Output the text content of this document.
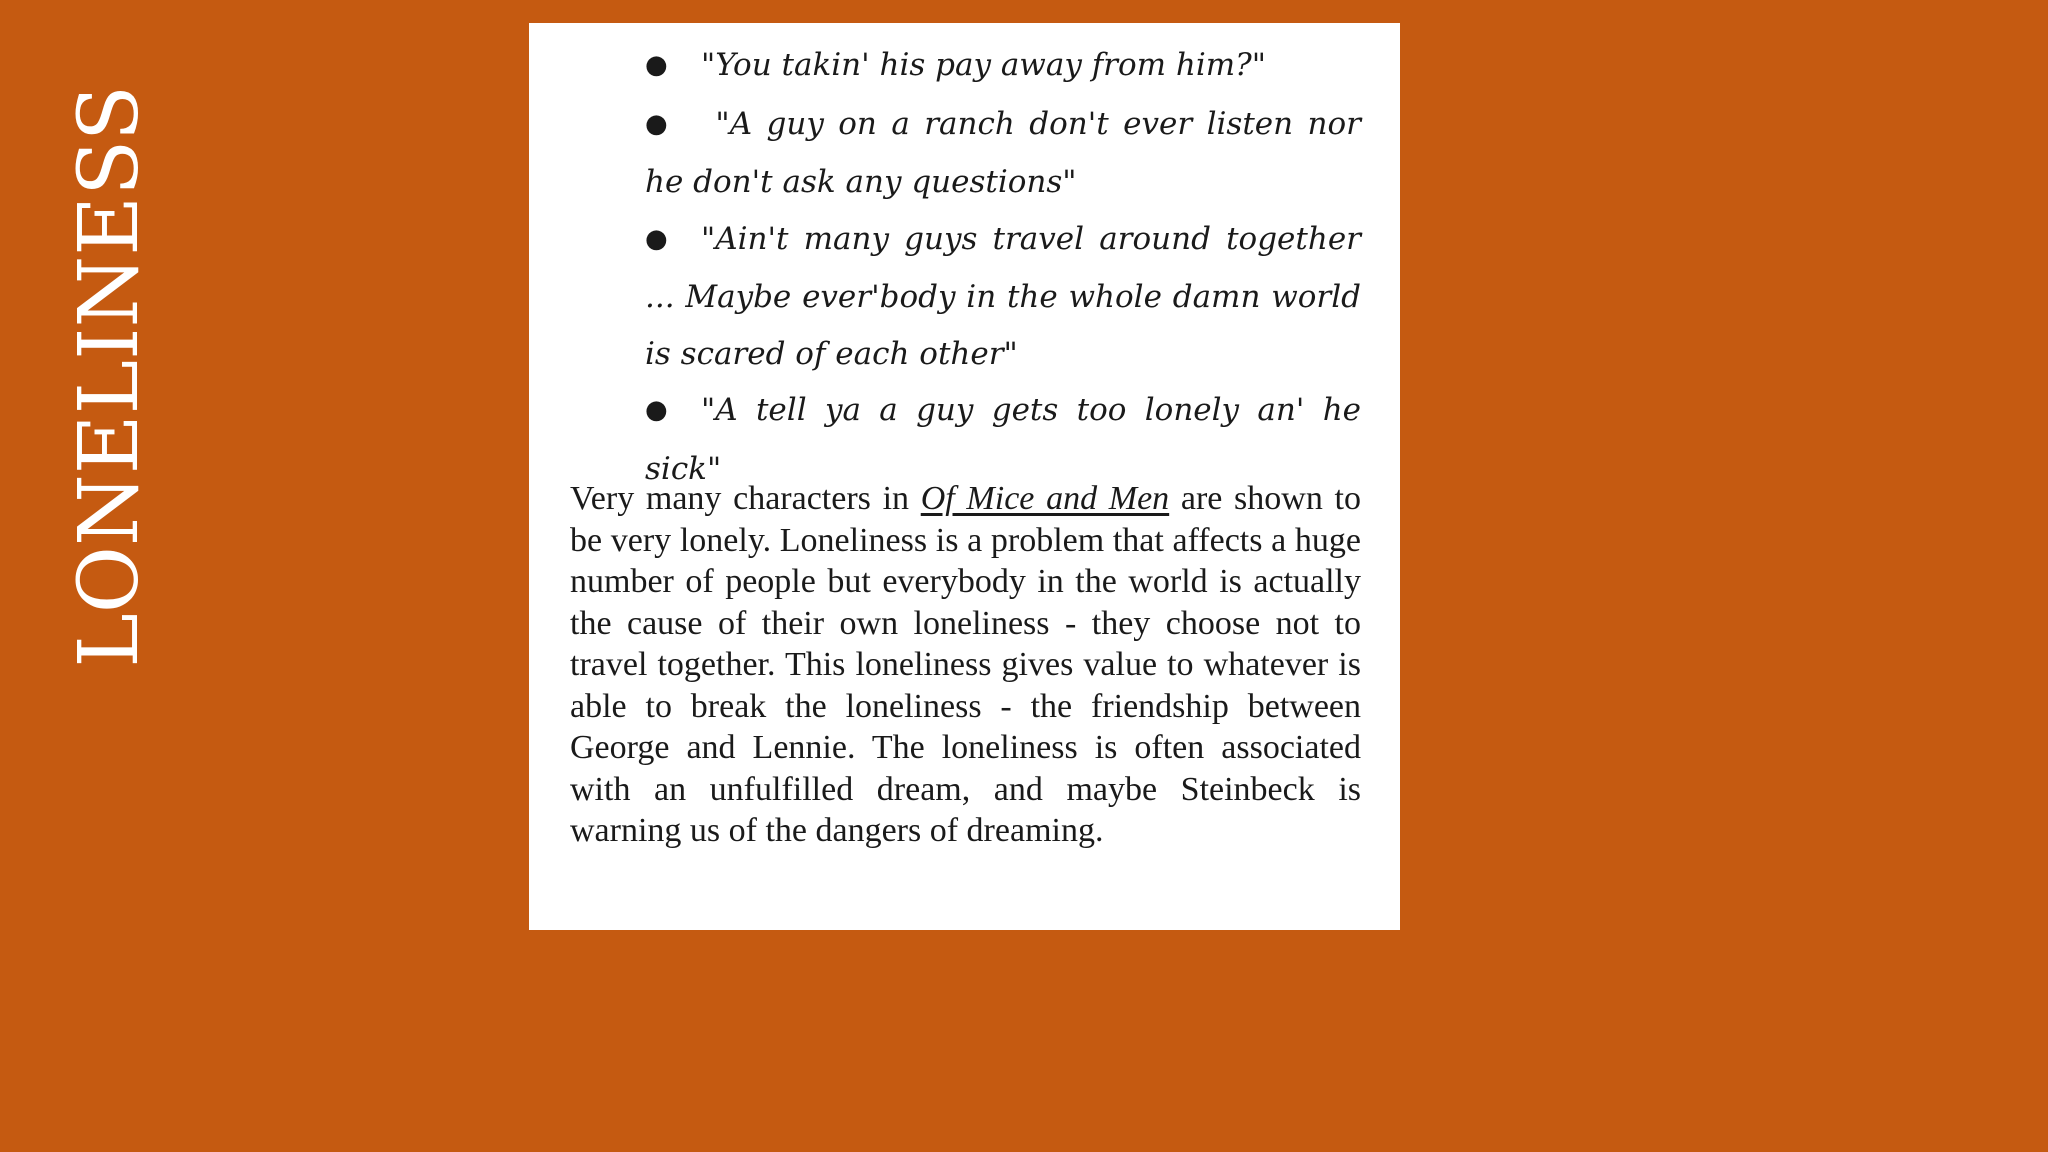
LONELINESS
● "You takin' his pay away from him?"
● "A guy on a ranch don't ever listen nor he don't ask any questions"
● "Ain't many guys travel around together ... Maybe ever'body in the whole damn world is scared of each other"
● "A tell ya a guy gets too lonely an' he sick"
Very many characters in Of Mice and Men are shown to be very lonely. Loneliness is a problem that affects a huge number of people but everybody in the world is actually the cause of their own loneliness - they choose not to travel together. This loneliness gives value to whatever is able to break the loneliness - the friendship between George and Lennie. The loneliness is often associated with an unfulfilled dream, and maybe Steinbeck is warning us of the dangers of dreaming.
